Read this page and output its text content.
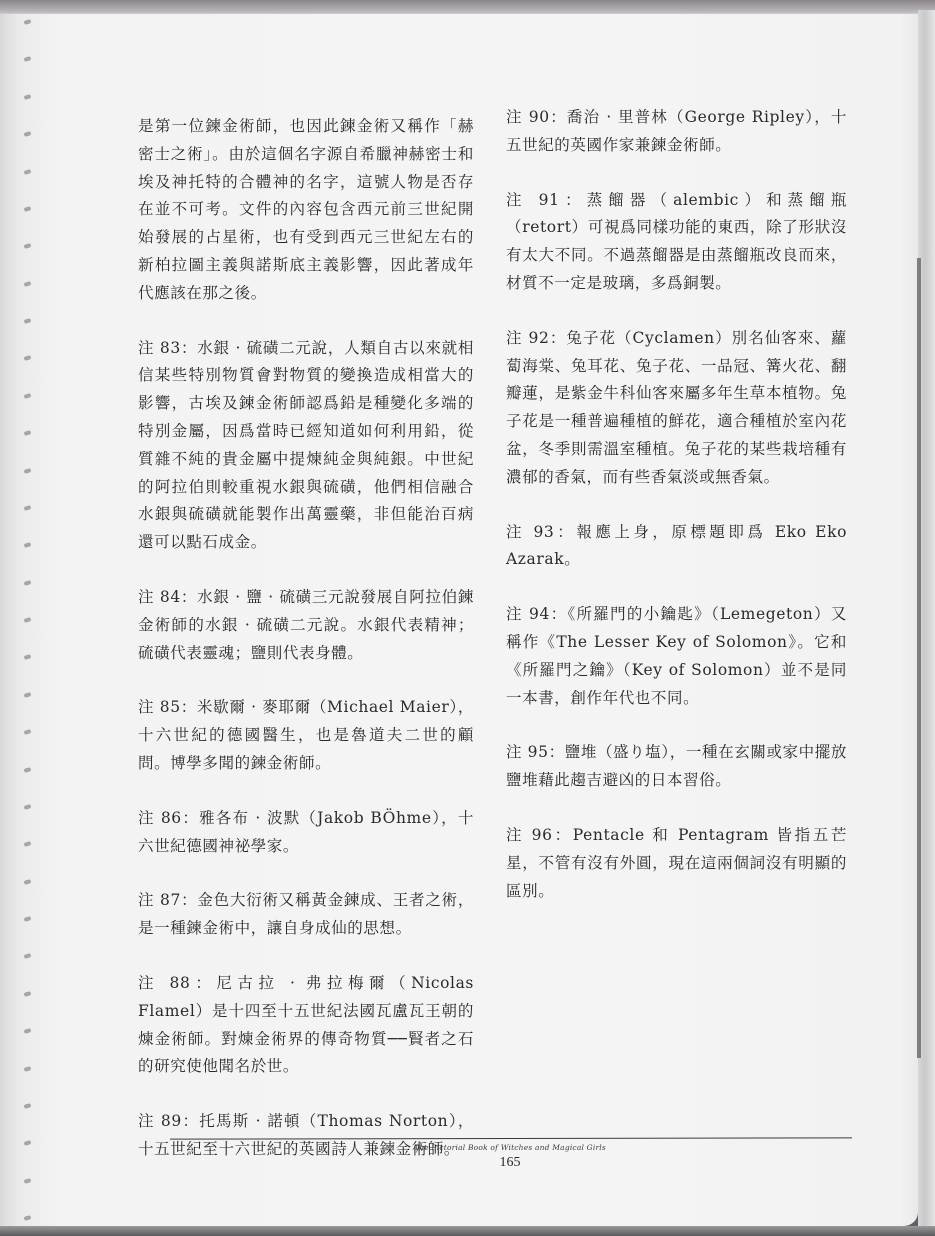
是第一位鍊金術師，也因此鍊金術又稱作「赫密士之術」。由於這個名字源自希臘神赫密士和埃及神托特的合體神的名字，這號人物是否存在並不可考。文件的內容包含西元前三世紀開始發展的占星術，也有受到西元三世紀左右的新柏拉圖主義與諾斯底主義影響，因此著成年代應該在那之後。

注 83：水銀 · 硫磺二元說，人類自古以來就相信某些特別物質會對物質的變換造成相當大的影響，古埃及鍊金術師認爲鉛是種變化多端的特別金屬，因爲當時已經知道如何利用鉛，從質雜不純的貴金屬中提煉純金與純銀。中世紀的阿拉伯則較重視水銀與硫磺，他們相信融合水銀與硫磺就能製作出萬靈藥，非但能治百病還可以點石成金。

注 84：水銀 · 鹽 · 硫磺三元說發展自阿拉伯鍊金術師的水銀 · 硫磺二元說。水銀代表精神；硫磺代表靈魂；鹽則代表身體。

注 85：米歇爾 · 麥耶爾（Michael Maier），十六世紀的德國醫生，也是魯道夫二世的顧問。博學多聞的鍊金術師。

注 86：雅各布 · 波默（Jakob BÖhme），十六世紀德國神祕學家。

注 87：金色大衍術又稱黃金鍊成、王者之術，是一種鍊金術中，讓自身成仙的思想。

注 88：尼古拉 · 弗拉梅爾（Nicolas Flamel）是十四至十五世紀法國瓦盧瓦王朝的煉金術師。對煉金術界的傳奇物質──賢者之石的研究使他聞名於世。

注 89：托馬斯 · 諾頓（Thomas Norton），十五世紀至十六世紀的英國詩人兼鍊金術師。

注 90：喬治 · 里普林（George Ripley），十五世紀的英國作家兼鍊金術師。

注 91：蒸餾器（alembic）和蒸餾瓶（retort）可視爲同樣功能的東西，除了形狀沒有太大不同。不過蒸餾器是由蒸餾瓶改良而來，材質不一定是玻璃，多爲銅製。

注 92：兔子花（Cyclamen）別名仙客來、蘿蔔海棠、兔耳花、兔子花、一品冠、篝火花、翻瓣蓮，是紫金牛科仙客來屬多年生草本植物。兔子花是一種普遍種植的鮮花，適合種植於室內花盆，冬季則需溫室種植。兔子花的某些栽培種有濃郁的香氣，而有些香氣淡或無香氣。

注 93：報應上身，原標題即爲 Eko Eko Azarak。

注 94：《所羅門的小鑰匙》（Lemegeton）又稱作《The Lesser Key of Solomon》。它和《所羅門之鑰》（Key of Solomon）並不是同一本書，創作年代也不同。

注 95：鹽堆（盛り塩），一種在玄關或家中擺放鹽堆藉此趨吉避凶的日本習俗。

注 96：Pentacle 和 Pentagram 皆指五芒星，不管有沒有外圓，現在這兩個詞沒有明顯的區別。

The Pictorial Book of Witches and Magical Girls
165
